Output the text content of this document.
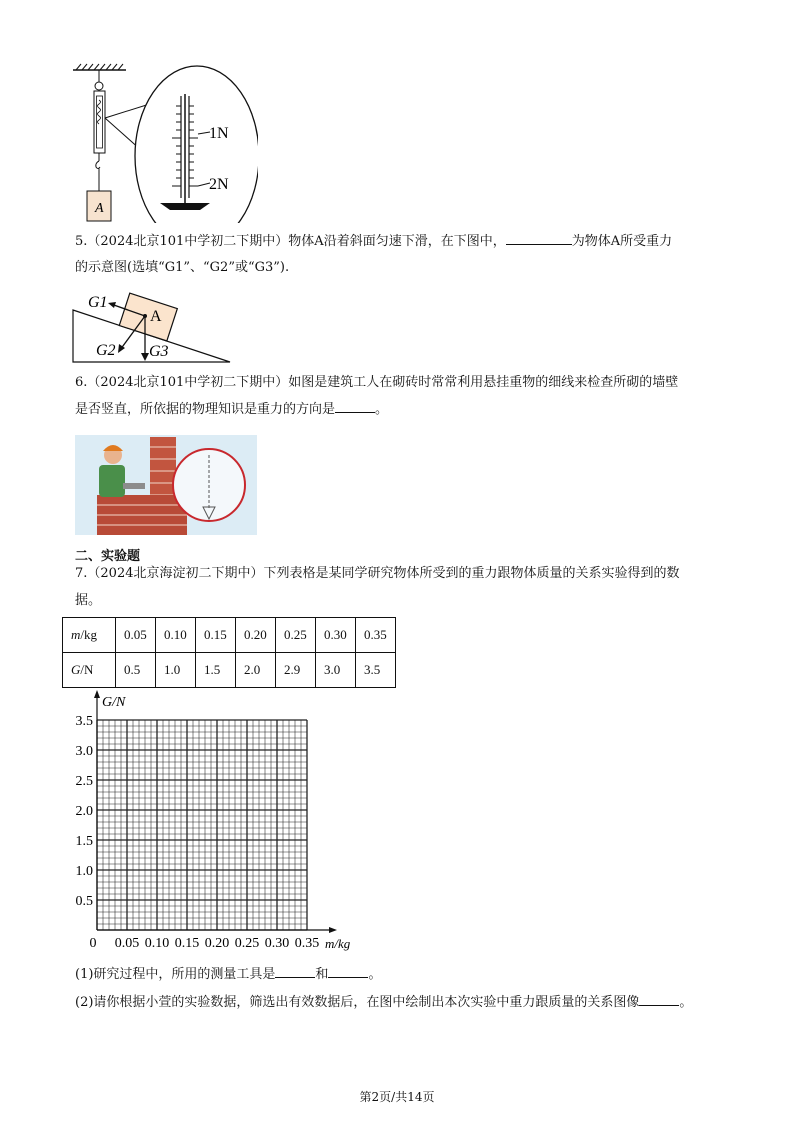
A
1N
2N
5.（2024北京101中学初二下期中）物体A沿着斜面匀速下滑，在下图中，	为物体A所受重力
的示意图(选填“G1”、“G2”或“G3”).
A
G1
G2 G3
6.（2024北京101中学初二下期中）如图是建筑工人在砌砖时常常利用悬挂重物的细线来检查所砌的墙壁
是否竖直，所依据的物理知识是重力的方向是	。
二、实验题
7.（2024北京海淀初二下期中）下列表格是某同学研究物体所受到的重力跟物体质量的关系实验得到的数
据。
m/kg	0.05	0.10	0.15	0.20	0.25	0.30	0.35
G/N	0.5	1.0	1.5	2.0	2.9	3.0	3.5
3.5
3.0
2.5
2.0
1.5
1.0
0.5
0 0.05 0.10 0.15 0.20 0.25 0.30 0.35
G/N
m/kg
(1)研究过程中，所用的测量工具是	和	。
(2)请你根据小萱的实验数据，筛选出有效数据后，在图中绘制出本次实验中重力跟质量的关系图像	。
第2页/共14页
